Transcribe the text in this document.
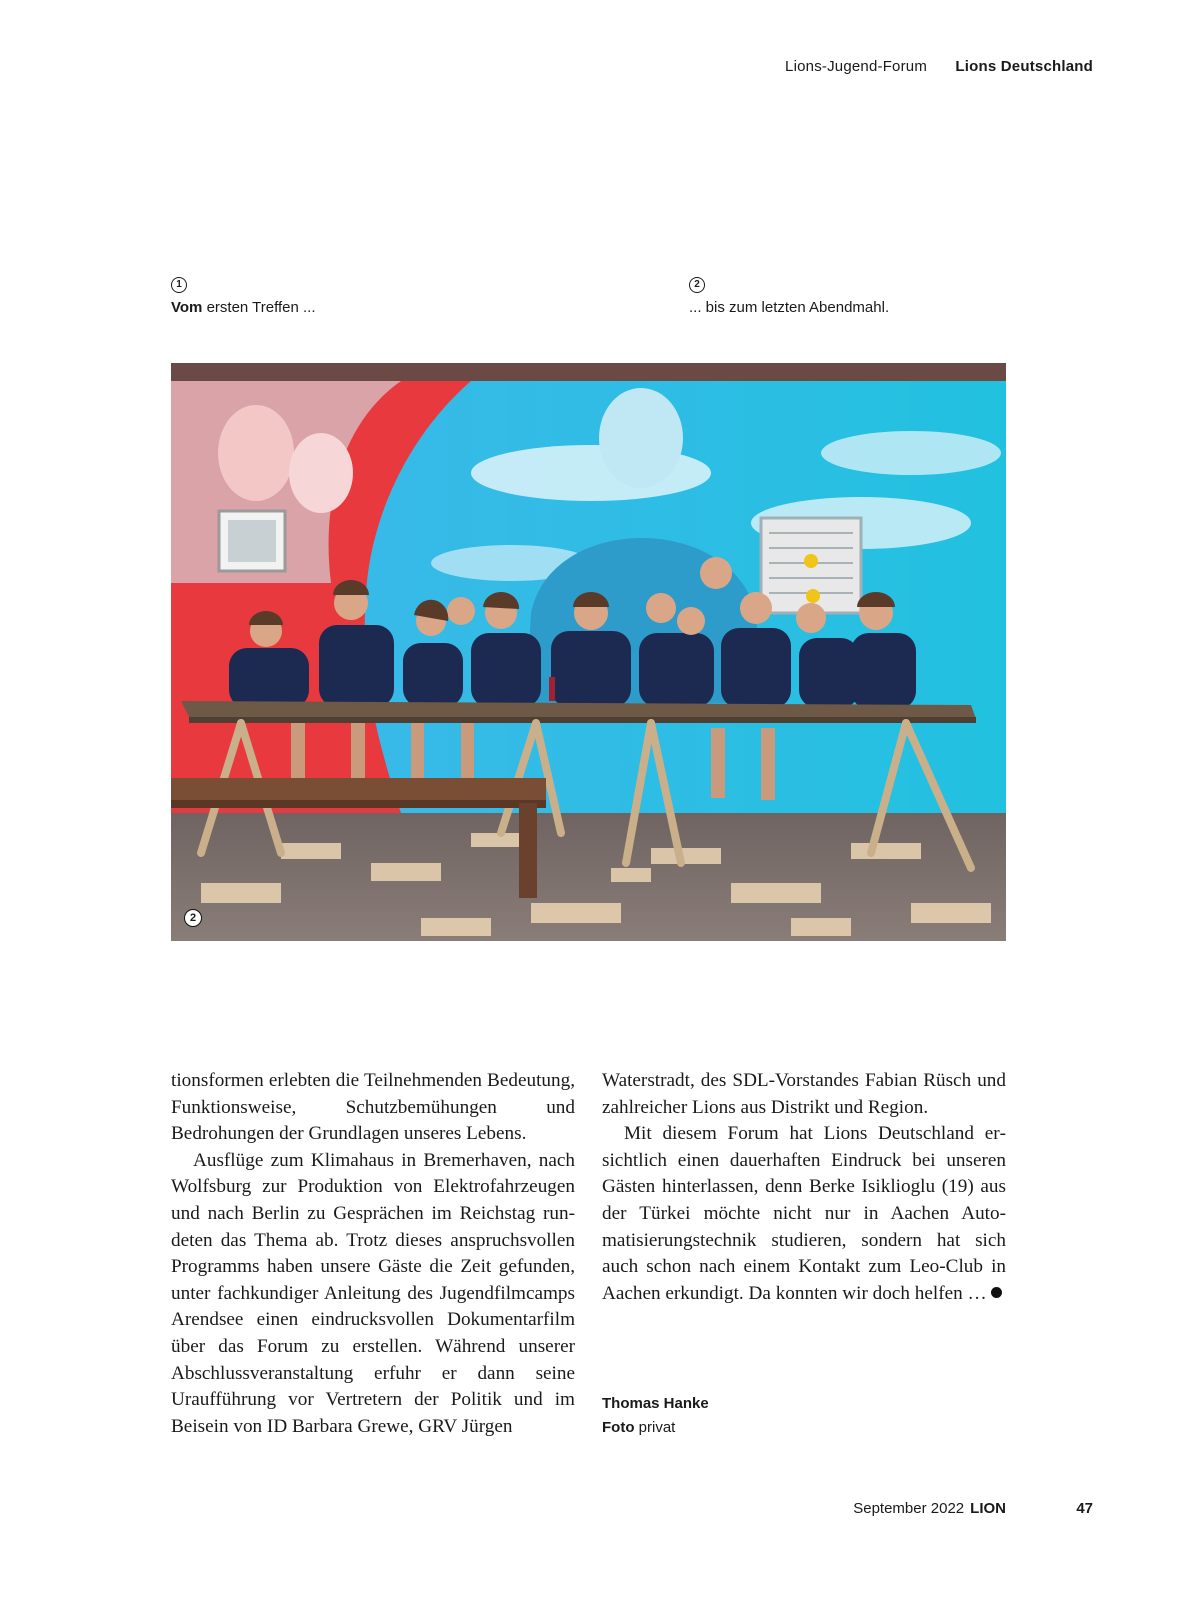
Lions-Jugend-Forum Lions Deutschland
1
Vom ersten Treffen ...
2
... bis zum letzten Abendmahl.
2

tionsformen erlebten die Teilnehmenden Bedeutung, Funktionsweise, Schutzbemühungen und Bedrohungen der Grundlagen unseres Lebens.

Ausflüge zum Klimahaus in Bremerhaven, nach Wolfsburg zur Produktion von Elektrofahrzeugen und nach Berlin zu Gesprächen im Reichstag rundeten das Thema ab. Trotz dieses anspruchsvollen Programms haben unsere Gäste die Zeit gefunden, unter fachkundiger Anleitung des Jugendfilmcamps Arendsee einen eindrucksvollen Dokumentarfilm über das Forum zu erstellen. Während unserer Abschlussveranstaltung erfuhr er dann seine Uraufführung vor Vertretern der Politik und im Beisein von ID Barbara Grewe, GRV Jürgen

Waterstradt, des SDL-Vorstandes Fabian Rüsch und zahlreicher Lions aus Distrikt und Region.

Mit diesem Forum hat Lions Deutschland ersichtlich einen dauerhaften Eindruck bei unseren Gästen hinterlassen, denn Berke Isiklioglu (19) aus der Türkei möchte nicht nur in Aachen Automatisierungstechnik studieren, sondern hat sich auch schon nach einem Kontakt zum Leo-Club in Aachen erkundigt. Da konnten wir doch helfen …

Thomas Hanke
Foto privat
September 2022 LION	47
